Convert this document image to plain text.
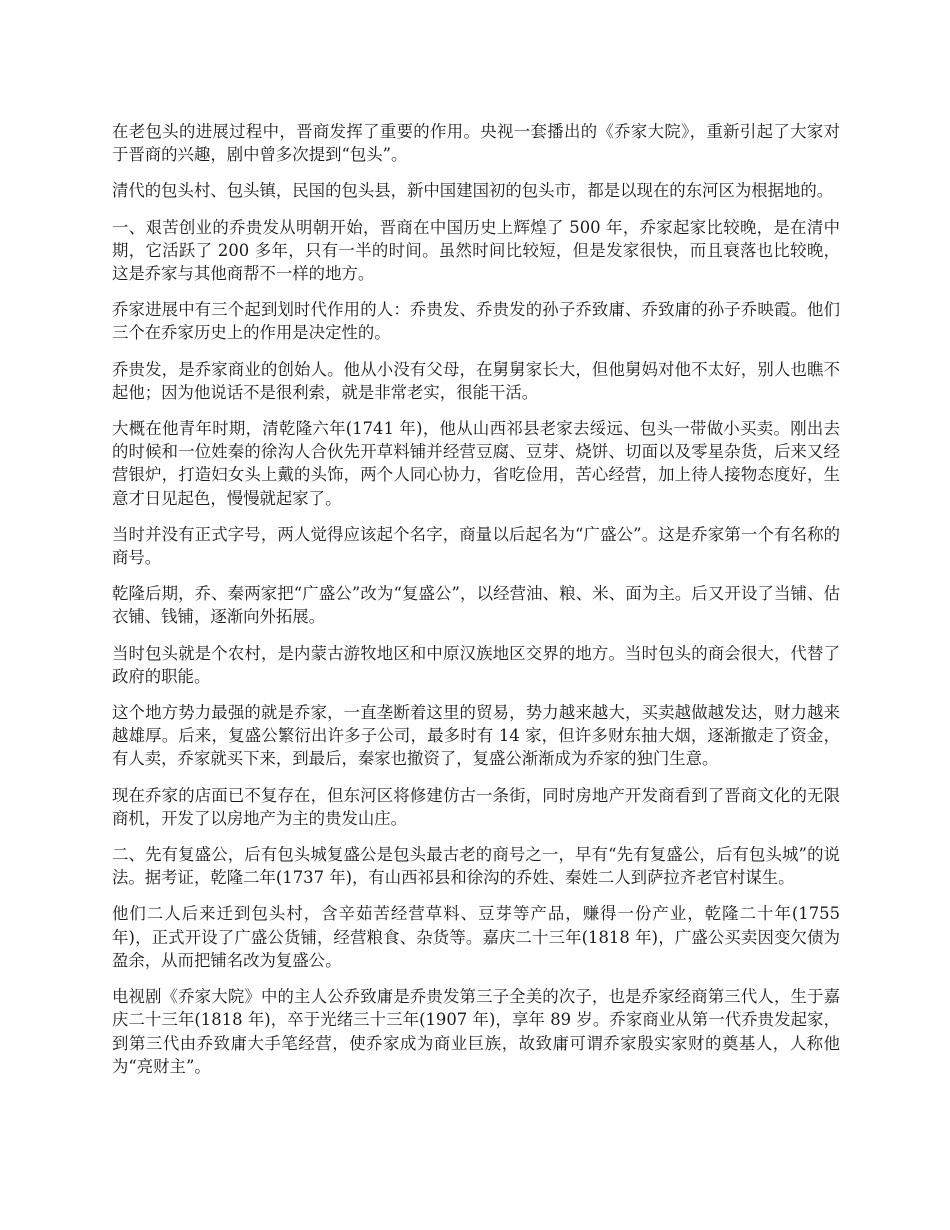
在老包头的进展过程中，晋商发挥了重要的作用。央视一套播出的《乔家大院》，重新引起了大家对于晋商的兴趣，剧中曾多次提到“包头”。

清代的包头村、包头镇，民国的包头县，新中国建国初的包头市，都是以现在的东河区为根据地的。

一、艰苦创业的乔贵发从明朝开始，晋商在中国历史上辉煌了 500 年，乔家起家比较晚，是在清中期，它活跃了 200 多年，只有一半的时间。虽然时间比较短，但是发家很快，而且衰落也比较晚，这是乔家与其他商帮不一样的地方。

乔家进展中有三个起到划时代作用的人：乔贵发、乔贵发的孙子乔致庸、乔致庸的孙子乔映霞。他们三个在乔家历史上的作用是决定性的。

乔贵发，是乔家商业的创始人。他从小没有父母，在舅舅家长大，但他舅妈对他不太好，别人也瞧不起他；因为他说话不是很利索，就是非常老实，很能干活。

大概在他青年时期，清乾隆六年(1741 年)，他从山西祁县老家去绥远、包头一带做小买卖。刚出去的时候和一位姓秦的徐沟人合伙先开草料铺并经营豆腐、豆芽、烧饼、切面以及零星杂货，后来又经营银炉，打造妇女头上戴的头饰，两个人同心协力，省吃俭用，苦心经营，加上待人接物态度好，生意才日见起色，慢慢就起家了。

当时并没有正式字号，两人觉得应该起个名字，商量以后起名为“广盛公”。这是乔家第一个有名称的商号。

乾隆后期，乔、秦两家把“广盛公”改为“复盛公”，以经营油、粮、米、面为主。后又开设了当铺、估衣铺、钱铺，逐渐向外拓展。

当时包头就是个农村，是内蒙古游牧地区和中原汉族地区交界的地方。当时包头的商会很大，代替了政府的职能。

这个地方势力最强的就是乔家，一直垄断着这里的贸易，势力越来越大，买卖越做越发达，财力越来越雄厚。后来，复盛公繁衍出许多子公司，最多时有 14 家，但许多财东抽大烟，逐渐撤走了资金，有人卖，乔家就买下来，到最后，秦家也撤资了，复盛公渐渐成为乔家的独门生意。

现在乔家的店面已不复存在，但东河区将修建仿古一条街，同时房地产开发商看到了晋商文化的无限商机，开发了以房地产为主的贵发山庄。

二、先有复盛公，后有包头城复盛公是包头最古老的商号之一，早有“先有复盛公，后有包头城”的说法。据考证，乾隆二年(1737 年)，有山西祁县和徐沟的乔姓、秦姓二人到萨拉齐老官村谋生。

他们二人后来迁到包头村，含辛茹苦经营草料、豆芽等产品，赚得一份产业，乾隆二十年(1755 年)，正式开设了广盛公货铺，经营粮食、杂货等。嘉庆二十三年(1818 年)，广盛公买卖因变欠债为盈余，从而把铺名改为复盛公。

电视剧《乔家大院》中的主人公乔致庸是乔贵发第三子全美的次子，也是乔家经商第三代人，生于嘉庆二十三年(1818 年)，卒于光绪三十三年(1907 年)，享年 89 岁。乔家商业从第一代乔贵发起家，到第三代由乔致庸大手笔经营，使乔家成为商业巨族，故致庸可谓乔家殷实家财的奠基人，人称他为“亮财主”。
